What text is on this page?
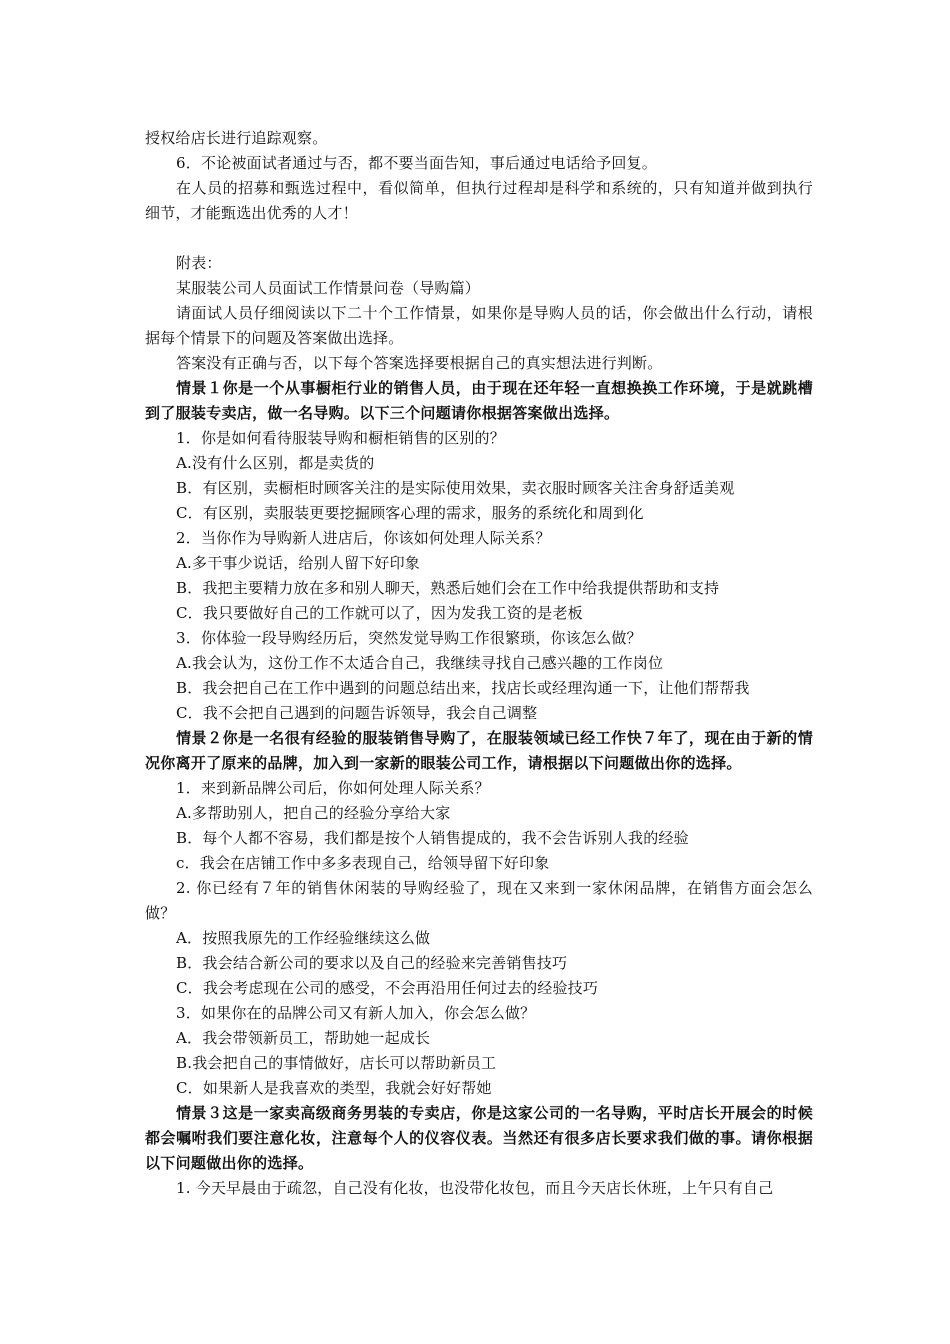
授权给店长进行追踪观察。

6．不论被面试者通过与否，都不要当面告知，事后通过电话给予回复。

在人员的招募和甄选过程中，看似简单，但执行过程却是科学和系统的，只有知道并做到执行细节，才能甄选出优秀的人才！

附表：

某服装公司人员面试工作情景问卷（导购篇）

请面试人员仔细阅读以下二十个工作情景，如果你是导购人员的话，你会做出什么行动，请根据每个情景下的问题及答案做出选择。

答案没有正确与否，以下每个答案选择要根据自己的真实想法进行判断。

情景１你是一个从事橱柜行业的销售人员，由于现在还年轻一直想换换工作环境，于是就跳槽到了服装专卖店，做一名导购。以下三个问题请你根据答案做出选择。

1．你是如何看待服装导购和橱柜销售的区别的？

A.没有什么区别，都是卖货的

B．有区别，卖橱柜时顾客关注的是实际使用效果，卖衣服时顾客关注舍身舒适美观

C．有区别，卖服装更要挖掘顾客心理的需求，服务的系统化和周到化

2．当你作为导购新人进店后，你该如何处理人际关系？

A.多干事少说话，给别人留下好印象

B．我把主要精力放在多和别人聊天，熟悉后她们会在工作中给我提供帮助和支持

C．我只要做好自己的工作就可以了，因为发我工资的是老板

3．你体验一段导购经历后，突然发觉导购工作很繁琐，你该怎么做？

A.我会认为，这份工作不太适合自己，我继续寻找自己感兴趣的工作岗位

B．我会把自己在工作中遇到的问题总结出来，找店长或经理沟通一下，让他们帮帮我

C．我不会把自己遇到的问题告诉领导，我会自己调整

情景２你是一名很有经验的服装销售导购了，在服装领域已经工作快７年了，现在由于新的情况你离开了原来的品牌，加入到一家新的眼装公司工作，请根据以下问题做出你的选择。

1．来到新品牌公司后，你如何处理人际关系？

A.多帮助别人，把自己的经验分享给大家

B．每个人都不容易，我们都是按个人销售提成的，我不会告诉别人我的经验

c．我会在店铺工作中多多表现自己，给领导留下好印象

2. 你已经有７年的销售休闲装的导购经验了，现在又来到一家休闲品牌，在销售方面会怎么做？

A．按照我原先的工作经验继续这么做

B．我会结合新公司的要求以及自己的经验来完善销售技巧

C．我会考虑现在公司的感受，不会再沿用任何过去的经验技巧

3．如果你在的品牌公司又有新人加入，你会怎么做？

A．我会带领新员工，帮助她一起成长

B.我会把自己的事情做好，店长可以帮助新员工

C．如果新人是我喜欢的类型，我就会好好帮她

情景３这是一家卖高级商务男装的专卖店，你是这家公司的一名导购，平时店长开展会的时候都会嘱咐我们要注意化妆，注意每个人的仪容仪表。当然还有很多店长要求我们做的事。请你根据以下问题做出你的选择。

1. 今天早晨由于疏忽，自己没有化妆，也没带化妆包，而且今天店长休班，上午只有自己
